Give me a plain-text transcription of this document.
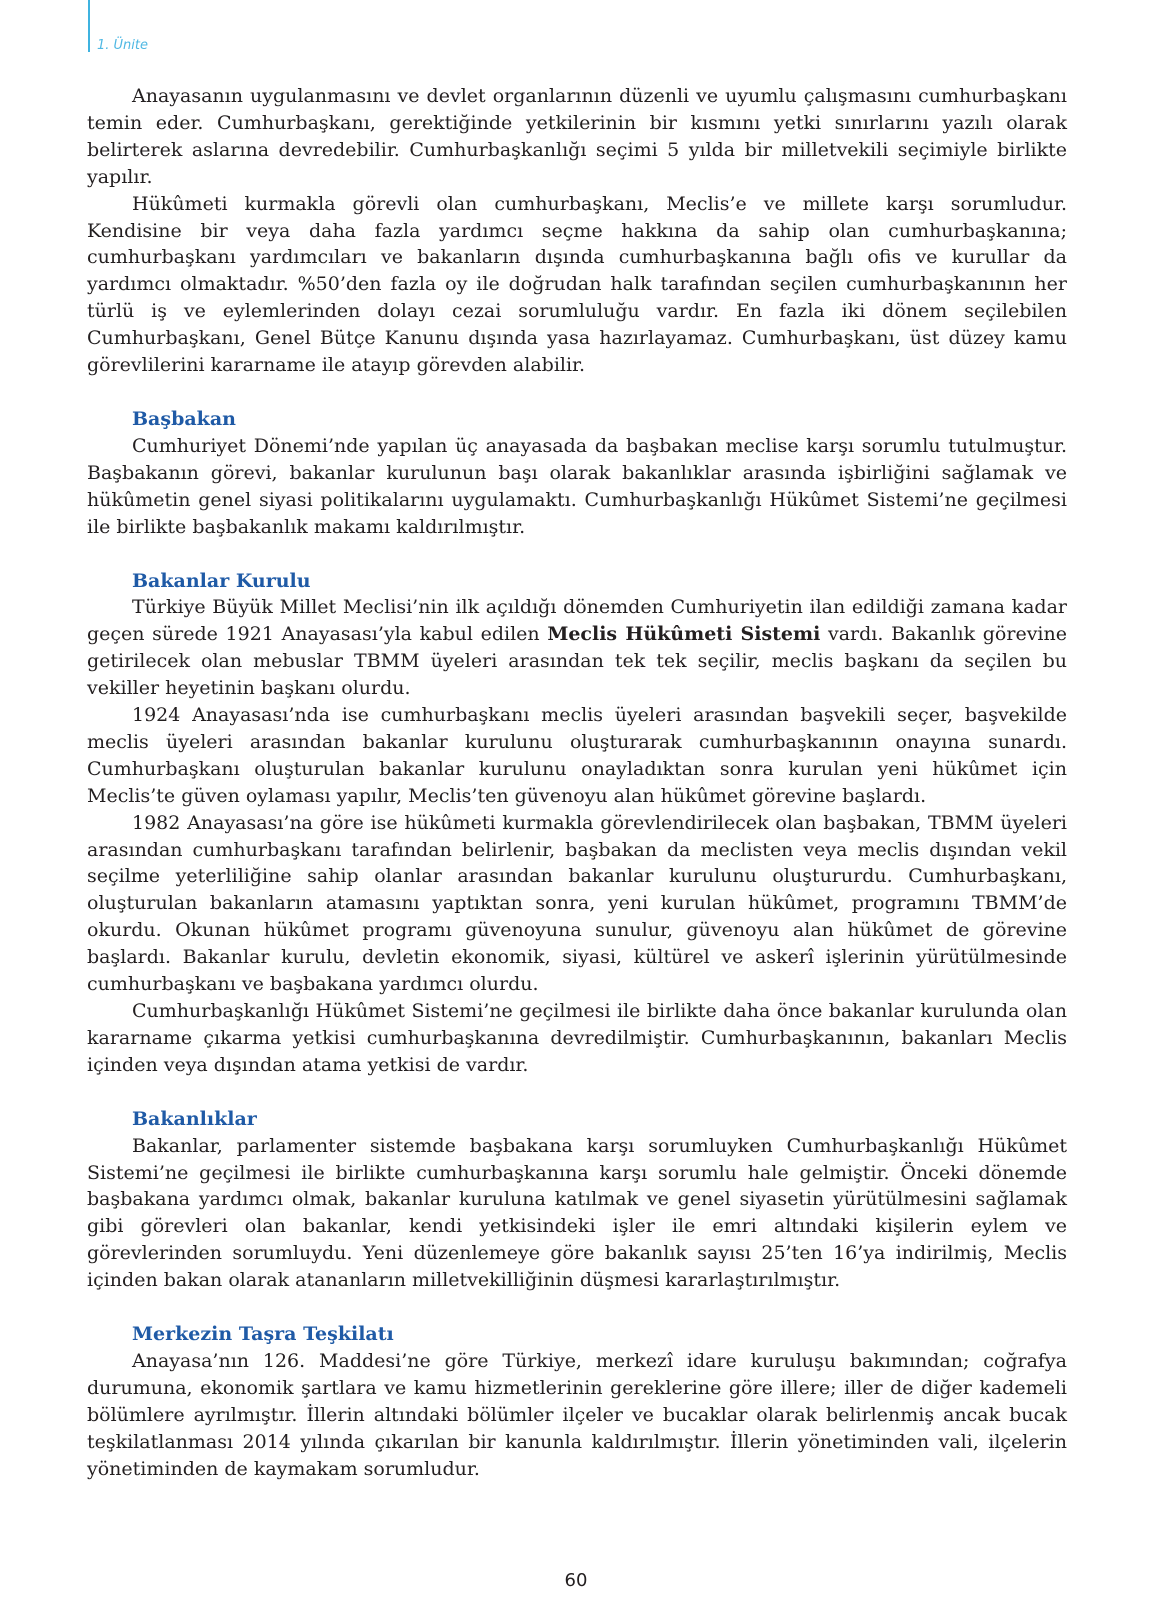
1. Ünite

Anayasanın uygulanmasını ve devlet organlarının düzenli ve uyumlu çalışmasını cumhurbaşkanı temin eder. Cumhurbaşkanı, gerektiğinde yetkilerinin bir kısmını yetki sınırlarını yazılı olarak belirterek aslarına devredebilir. Cumhurbaşkanlığı seçimi 5 yılda bir milletvekili seçimiyle birlikte yapılır.

Hükûmeti kurmakla görevli olan cumhurbaşkanı, Meclis’e ve millete karşı sorumludur. Kendisine bir veya daha fazla yardımcı seçme hakkına da sahip olan cumhurbaşkanına; cumhurbaşkanı yardımcıları ve bakanların dışında cumhurbaşkanına bağlı ofis ve kurullar da yardımcı olmaktadır. %50’den fazla oy ile doğrudan halk tarafından seçilen cumhurbaşkanının her türlü iş ve eylemlerinden dolayı cezai sorumluluğu vardır. En fazla iki dönem seçilebilen Cumhurbaşkanı, Genel Bütçe Kanunu dışında yasa hazırlayamaz. Cumhurbaşkanı, üst düzey kamu görevlilerini kararname ile atayıp görevden alabilir.

Başbakan

Cumhuriyet Dönemi’nde yapılan üç anayasada da başbakan meclise karşı sorumlu tutulmuştur. Başbakanın görevi, bakanlar kurulunun başı olarak bakanlıklar arasında işbirliğini sağlamak ve hükûmetin genel siyasi politikalarını uygulamaktı. Cumhurbaşkanlığı Hükûmet Sistemi’ne geçilmesi ile birlikte başbakanlık makamı kaldırılmıştır.

Bakanlar Kurulu

Türkiye Büyük Millet Meclisi’nin ilk açıldığı dönemden Cumhuriyetin ilan edildiği zamana kadar geçen sürede 1921 Anayasası’yla kabul edilen Meclis Hükûmeti Sistemi vardı. Bakanlık görevine getirilecek olan mebuslar TBMM üyeleri arasından tek tek seçilir, meclis başkanı da seçilen bu vekiller heyetinin başkanı olurdu.

1924 Anayasası’nda ise cumhurbaşkanı meclis üyeleri arasından başvekili seçer, başvekilde meclis üyeleri arasından bakanlar kurulunu oluşturarak cumhurbaşkanının onayına sunardı. Cumhurbaşkanı oluşturulan bakanlar kurulunu onayladıktan sonra kurulan yeni hükûmet için Meclis’te güven oylaması yapılır, Meclis’ten güvenoyu alan hükûmet görevine başlardı.

1982 Anayasası’na göre ise hükûmeti kurmakla görevlendirilecek olan başbakan, TBMM üyeleri arasından cumhurbaşkanı tarafından belirlenir, başbakan da meclisten veya meclis dışından vekil seçilme yeterliliğine sahip olanlar arasından bakanlar kurulunu oluştururdu. Cumhurbaşkanı, oluşturulan bakanların atamasını yaptıktan sonra, yeni kurulan hükûmet, programını TBMM’de okurdu. Okunan hükûmet programı güvenoyuna sunulur, güvenoyu alan hükûmet de görevine başlardı. Bakanlar kurulu, devletin ekonomik, siyasi, kültürel ve askerî işlerinin yürütülmesinde cumhurbaşkanı ve başbakana yardımcı olurdu.

Cumhurbaşkanlığı Hükûmet Sistemi’ne geçilmesi ile birlikte daha önce bakanlar kurulunda olan kararname çıkarma yetkisi cumhurbaşkanına devredilmiştir. Cumhurbaşkanının, bakanları Meclis içinden veya dışından atama yetkisi de vardır.

Bakanlıklar

Bakanlar, parlamenter sistemde başbakana karşı sorumluyken Cumhurbaşkanlığı Hükûmet Sistemi’ne geçilmesi ile birlikte cumhurbaşkanına karşı sorumlu hale gelmiştir. Önceki dönemde başbakana yardımcı olmak, bakanlar kuruluna katılmak ve genel siyasetin yürütülmesini sağlamak gibi görevleri olan bakanlar, kendi yetkisindeki işler ile emri altındaki kişilerin eylem ve görevlerinden sorumluydu. Yeni düzenlemeye göre bakanlık sayısı 25’ten 16’ya indirilmiş, Meclis içinden bakan olarak atananların milletvekilliğinin düşmesi kararlaştırılmıştır.

Merkezin Taşra Teşkilatı

Anayasa’nın 126. Maddesi’ne göre Türkiye, merkezî idare kuruluşu bakımından; coğrafya durumuna, ekonomik şartlara ve kamu hizmetlerinin gereklerine göre illere; iller de diğer kademeli bölümlere ayrılmıştır. İllerin altındaki bölümler ilçeler ve bucaklar olarak belirlenmiş ancak bucak teşkilatlanması 2014 yılında çıkarılan bir kanunla kaldırılmıştır. İllerin yönetiminden vali, ilçelerin yönetiminden de kaymakam sorumludur.

60
